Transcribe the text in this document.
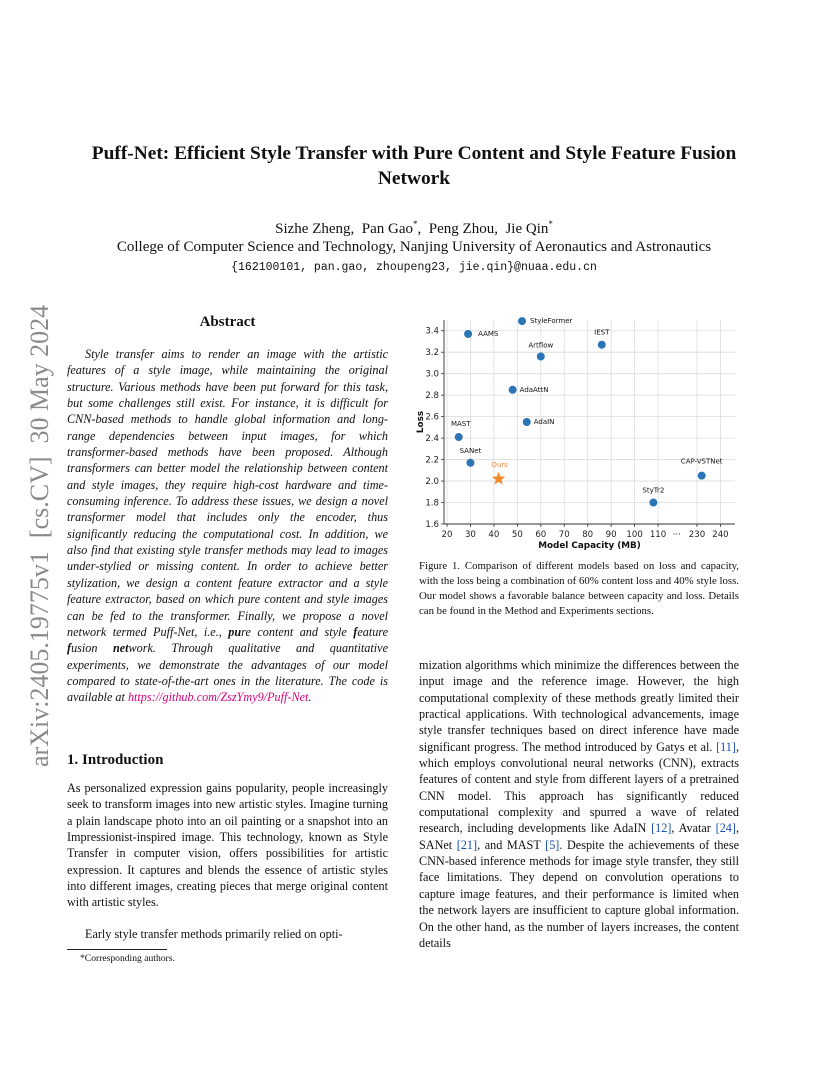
arXiv:2405.19775v1  [cs.CV]  30 May 2024
Puff-Net: Efficient Style Transfer with Pure Content and Style Feature Fusion
Network
Sizhe Zheng,  Pan Gao*,  Peng Zhou,  Jie Qin*
College of Computer Science and Technology, Nanjing University of Aeronautics and Astronautics
{162100101, pan.gao, zhoupeng23, jie.qin}@nuaa.edu.cn
Abstract
Style transfer aims to render an image with the artistic features of a style image, while maintaining the original structure. Various methods have been put forward for this task, but some challenges still exist. For instance, it is difficult for CNN-based methods to handle global information and long-range dependencies between input images, for which transformer-based methods have been proposed. Although transformers can better model the relationship between content and style images, they require high-cost hardware and time-consuming inference. To address these issues, we design a novel transformer model that includes only the encoder, thus significantly reducing the computational cost. In addition, we also find that existing style transfer methods may lead to images under-stylied or missing content. In order to achieve better stylization, we design a content feature extractor and a style feature extractor, based on which pure content and style images can be fed to the transformer. Finally, we propose a novel network termed Puff-Net, i.e., pure content and style feature fusion network. Through qualitative and quantitative experiments, we demonstrate the advantages of our model compared to state-of-the-art ones in the literature. The code is available at https://github.com/ZszYmy9/Puff-Net.
1. Introduction
As personalized expression gains popularity, people increasingly seek to transform images into new artistic styles. Imagine turning a plain landscape photo into an oil painting or a snapshot into an Impressionist-inspired image. This technology, known as Style Transfer in computer vision, offers possibilities for artistic expression. It captures and blends the essence of artistic styles into different images, creating pieces that merge original content with artistic styles.
Early style transfer methods primarily relied on opti-
*Corresponding authors.
20 30 40 50 60 70 80 90 100 110 ··· 230 240
1.6
1.8
2.0
2.2
2.4
2.6
2.8
3.0
3.2
3.4
Model Capacity (MB)
Loss
AAMS
StyleFormer
IEST
Artflow
AdaAttN
AdaIN
MAST
SANet
Ours
StyTr2
CAP-VSTNet
Figure 1. Comparison of different models based on loss and capacity, with the loss being a combination of 60% content loss and 40% style loss. Our model shows a favorable balance between capacity and loss. Details can be found in the Method and Experiments sections.
mization algorithms which minimize the differences between the input image and the reference image. However, the high computational complexity of these methods greatly limited their practical applications. With technological advancements, image style transfer techniques based on direct inference have made significant progress. The method introduced by Gatys et al. [11], which employs convolutional neural networks (CNN), extracts features of content and style from different layers of a pretrained CNN model. This approach has significantly reduced computational complexity and spurred a wave of related research, including developments like AdaIN [12], Avatar [24], SANet [21], and MAST [5]. Despite the achievements of these CNN-based inference methods for image style transfer, they still face limitations. They depend on convolution operations to capture image features, and their performance is limited when the network layers are insufficient to capture global information. On the other hand, as the number of layers increases, the content details
